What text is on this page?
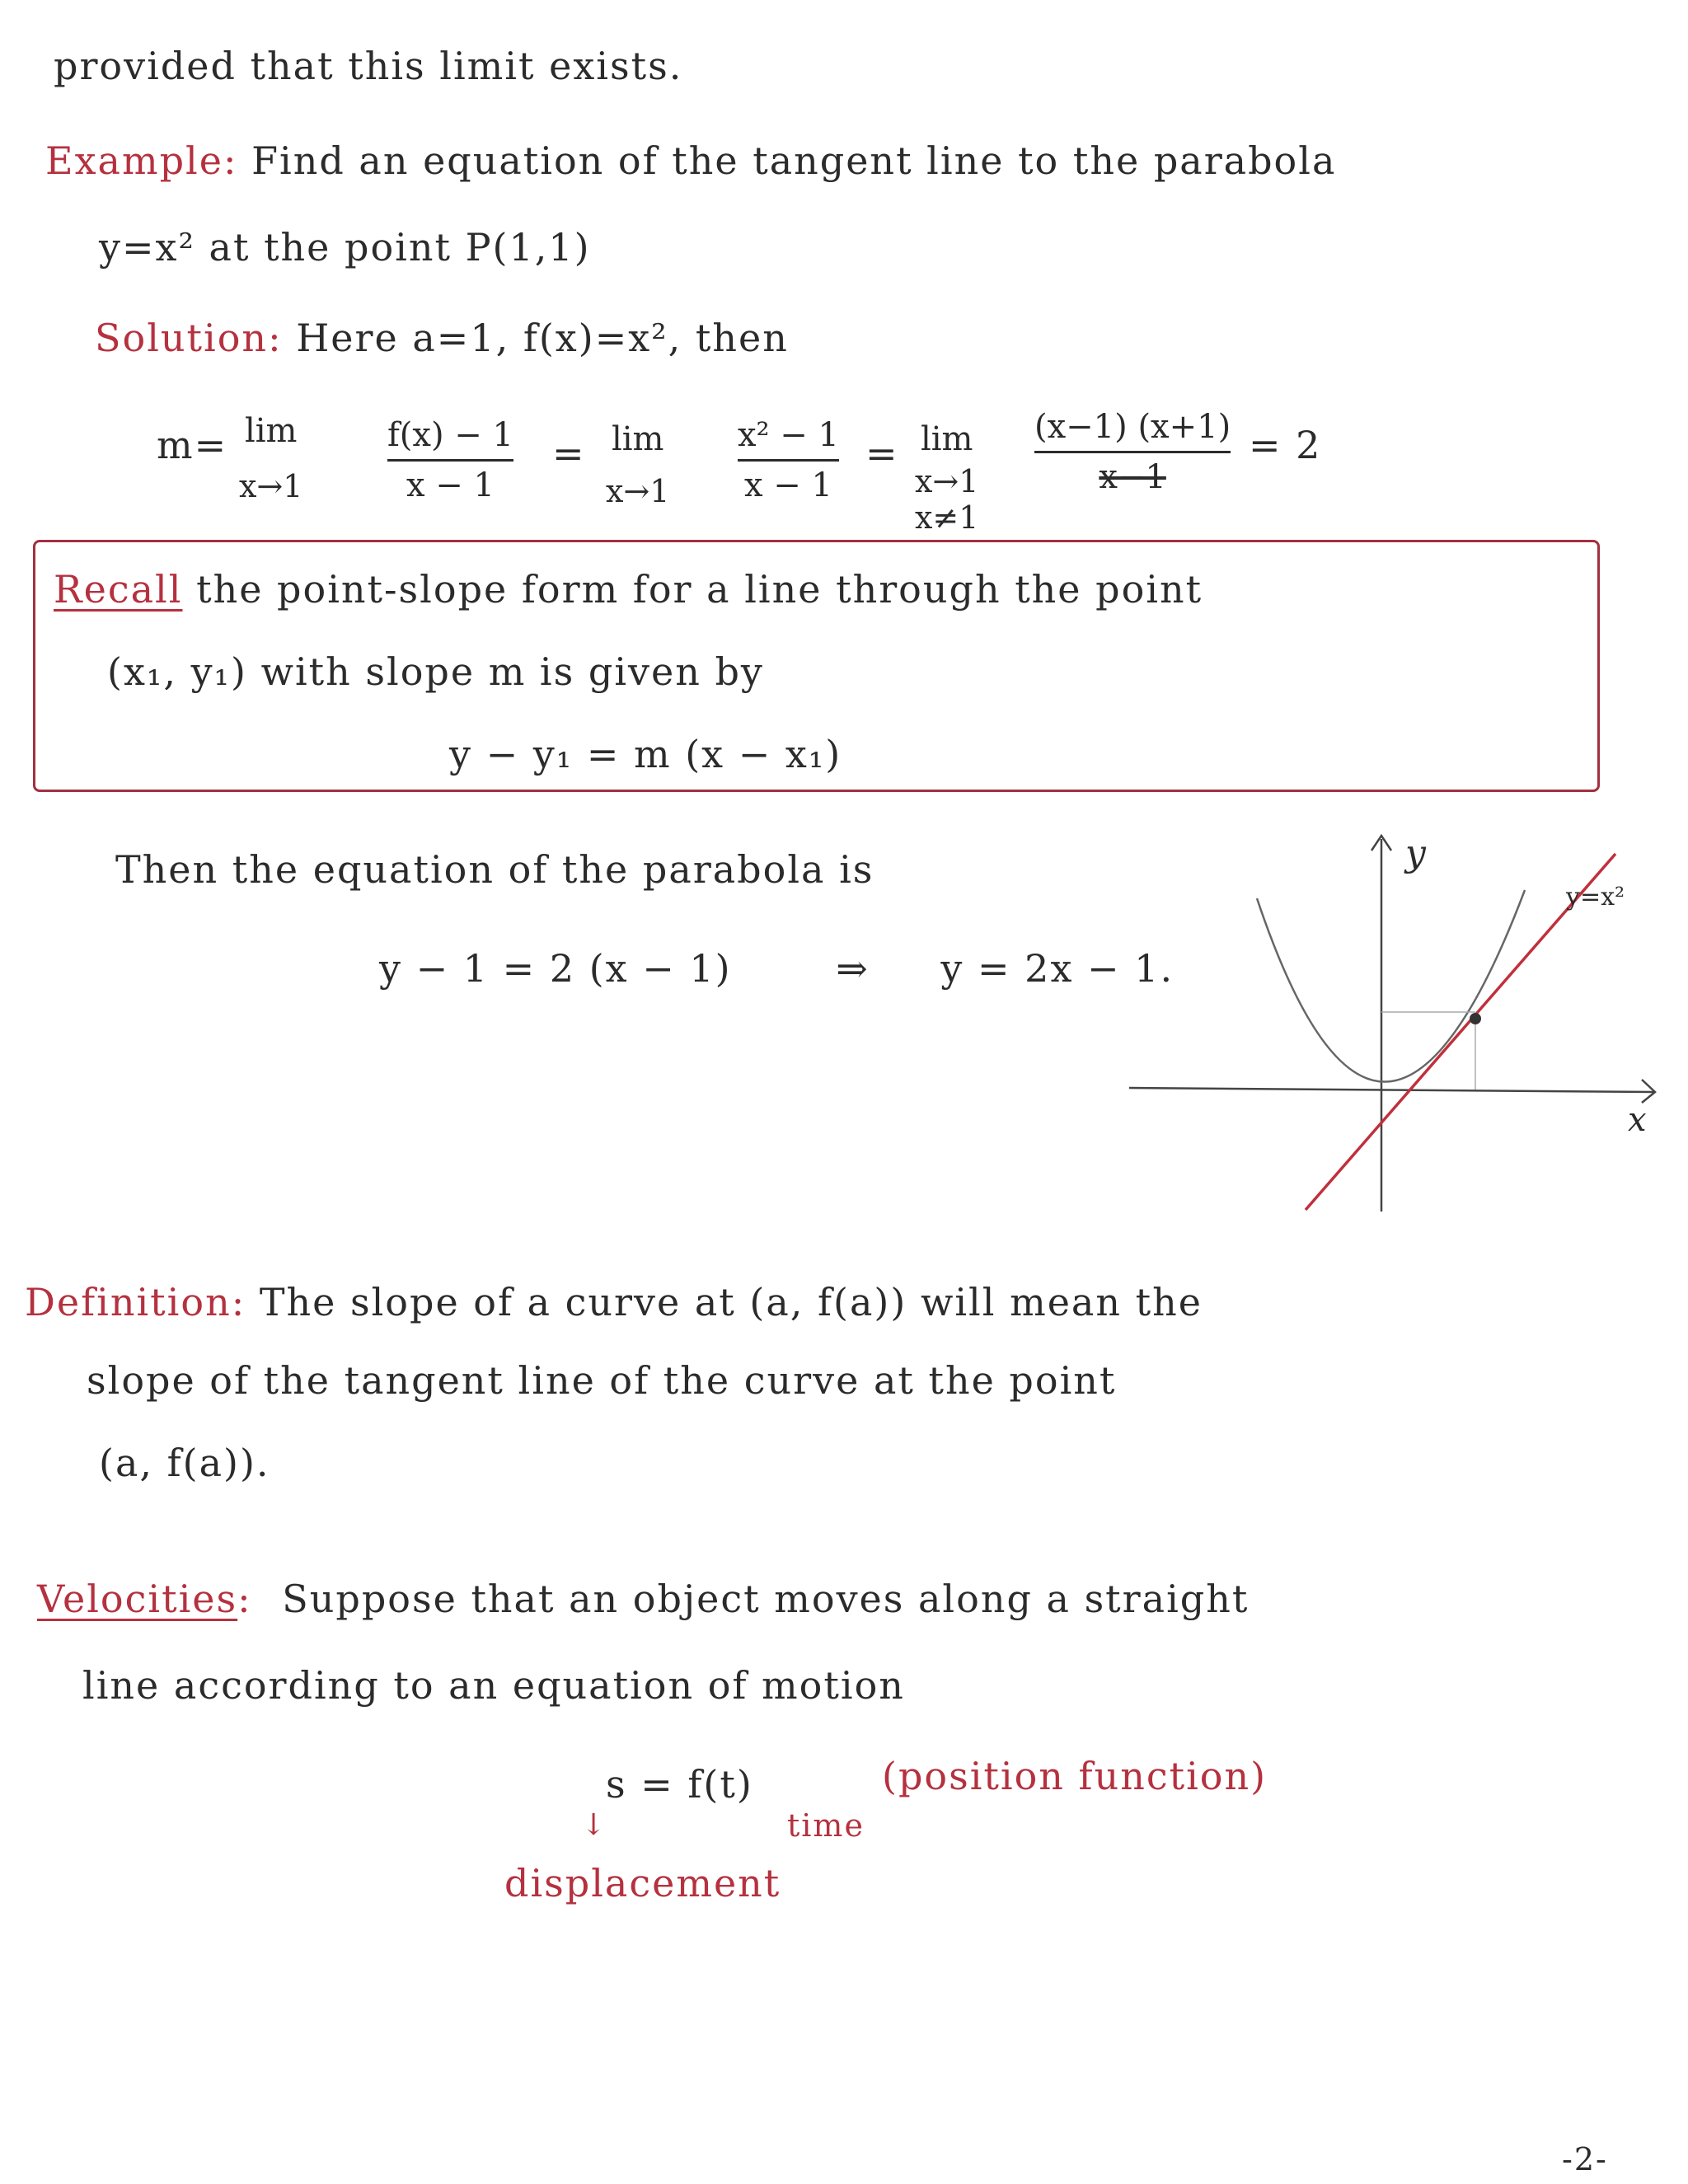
provided that this limit exists.
Example: Find an equation of the tangent line to the parabola
y=x² at the point P(1,1)
Solution: Here a=1, f(x)=x², then
m= lim
x→1
f(x) − 1
x − 1
= lim
x→1
x² − 1
x − 1
= lim
x→1
x≠1
(x−1) (x+1)
x−1
= 2
Recall the point-slope form for a line through the point
(x₁, y₁) with slope m is given by
y − y₁ = m (x − x₁)
Then the equation of the parabola is
y − 1 = 2 (x − 1)	⇒ y = 2x − 1.
y
x
y=x²
Definition: The slope of a curve at (a, f(a)) will mean the
slope of the tangent line of the curve at the point
(a, f(a)).
Velocities: Suppose that an object moves along a straight
line according to an equation of motion
s = f(t)	(position function)
time
↓
displacement
-2-
